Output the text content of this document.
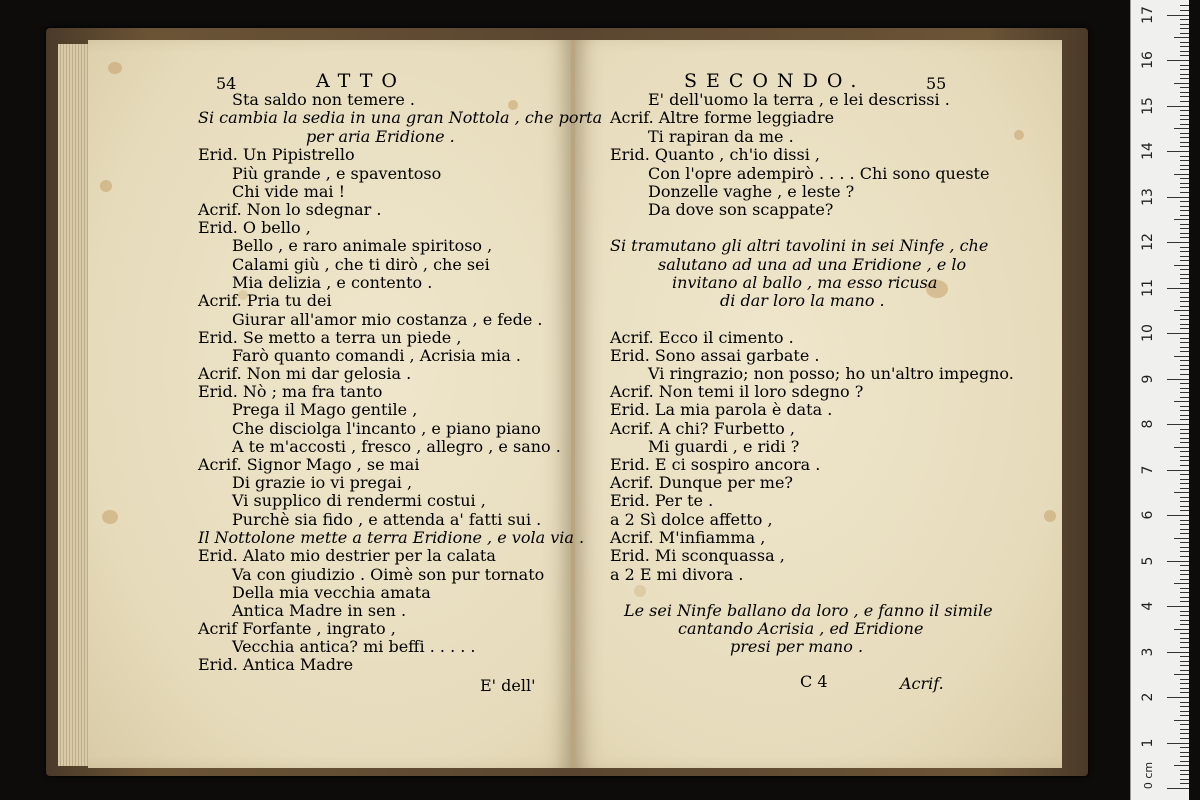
54	ATTO
Sta saldo non temere .
Si cambia la sedia in una gran Nottola , che porta
per aria Eridione .
Erid. Un Pipistrello
Più grande , e spaventoso
Chi vide mai !
Acrif. Non lo sdegnar .
Erid. O bello ,
Bello , e raro animale spiritoso ,
Calami giù , che ti dirò , che sei
Mia delizia , e contento .
Acrif. Pria tu dei
Giurar all'amor mio costanza , e fede .
Erid. Se metto a terra un piede ,
Farò quanto comandi , Acrisia mia .
Acrif. Non mi dar gelosia .
Erid. Nò ; ma fra tanto
Prega il Mago gentile ,
Che disciolga l'incanto , e piano piano
A te m'accosti , fresco , allegro , e sano .
Acrif. Signor Mago , se mai
Di grazie io vi pregai ,
Vi supplico di rendermi costui ,
Purchè sia fido , e attenda a' fatti sui .
Il Nottolone mette a terra Eridione , e vola via .
Erid. Alato mio destrier per la calata
Va con giudizio . Oimè son pur tornato
Della mia vecchia amata
Antica Madre in sen .
Acrif Forfante , ingrato ,
Vecchia antica? mi beffi . . . . .
Erid. Antica Madre
E' dell'
SECONDO.	55
E' dell'uomo la terra , e lei descrissi .
Acrif. Altre forme leggiadre
Ti rapiran da me .
Erid. Quanto , ch'io dissi ,
Con l'opre adempirò . . . . Chi sono queste
Donzelle vaghe , e leste ?
Da dove son scappate?
Si tramutano gli altri tavolini in sei Ninfe , che
salutano ad una ad una Eridione , e lo
invitano al ballo , ma esso ricusa
di dar loro la mano .
Acrif. Ecco il cimento .
Erid. Sono assai garbate .
Vi ringrazio; non posso; ho un'altro impegno.
Acrif. Non temi il loro sdegno ?
Erid. La mia parola è data .
Acrif. A chi? Furbetto ,
Mi guardi , e ridi ?
Erid. E ci sospiro ancora .
Acrif. Dunque per me?
Erid. Per te .
a 2 Sì dolce affetto ,
Acrif. M'infiamma ,
Erid. Mi sconquassa ,
a 2 E mi divora .
Le sei Ninfe ballano da loro , e fanno il simile
cantando Acrisia , ed Eridione
presi per mano .
C 4	Acrif.
0 cm
1
2
3
4
5
6
7
8
9
10
11
12
13
14
15
16
17
